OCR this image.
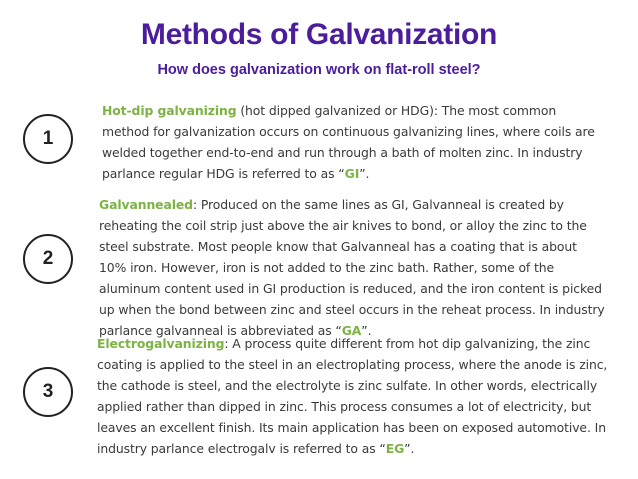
Methods of Galvanization
How does galvanization work on flat-roll steel?
1
Hot-dip galvanizing (hot dipped galvanized or HDG): The most common method for galvanization occurs on continuous galvanizing lines, where coils are welded together end-to-end and run through a bath of molten zinc. In industry parlance regular HDG is referred to as “GI”.
2
Galvannealed: Produced on the same lines as GI, Galvanneal is created by reheating the coil strip just above the air knives to bond, or alloy the zinc to the steel substrate. Most people know that Galvanneal has a coating that is about 10% iron. However, iron is not added to the zinc bath. Rather, some of the aluminum content used in GI production is reduced, and the iron content is picked up when the bond between zinc and steel occurs in the reheat process. In industry parlance galvanneal is abbreviated as “GA”.
3
Electrogalvanizing: A process quite different from hot dip galvanizing, the zinc coating is applied to the steel in an electroplating process, where the anode is zinc, the cathode is steel, and the electrolyte is zinc sulfate. In other words, electrically applied rather than dipped in zinc. This process consumes a lot of electricity, but leaves an excellent finish. Its main application has been on exposed automotive. In industry parlance electrogalv is referred to as “EG”.
